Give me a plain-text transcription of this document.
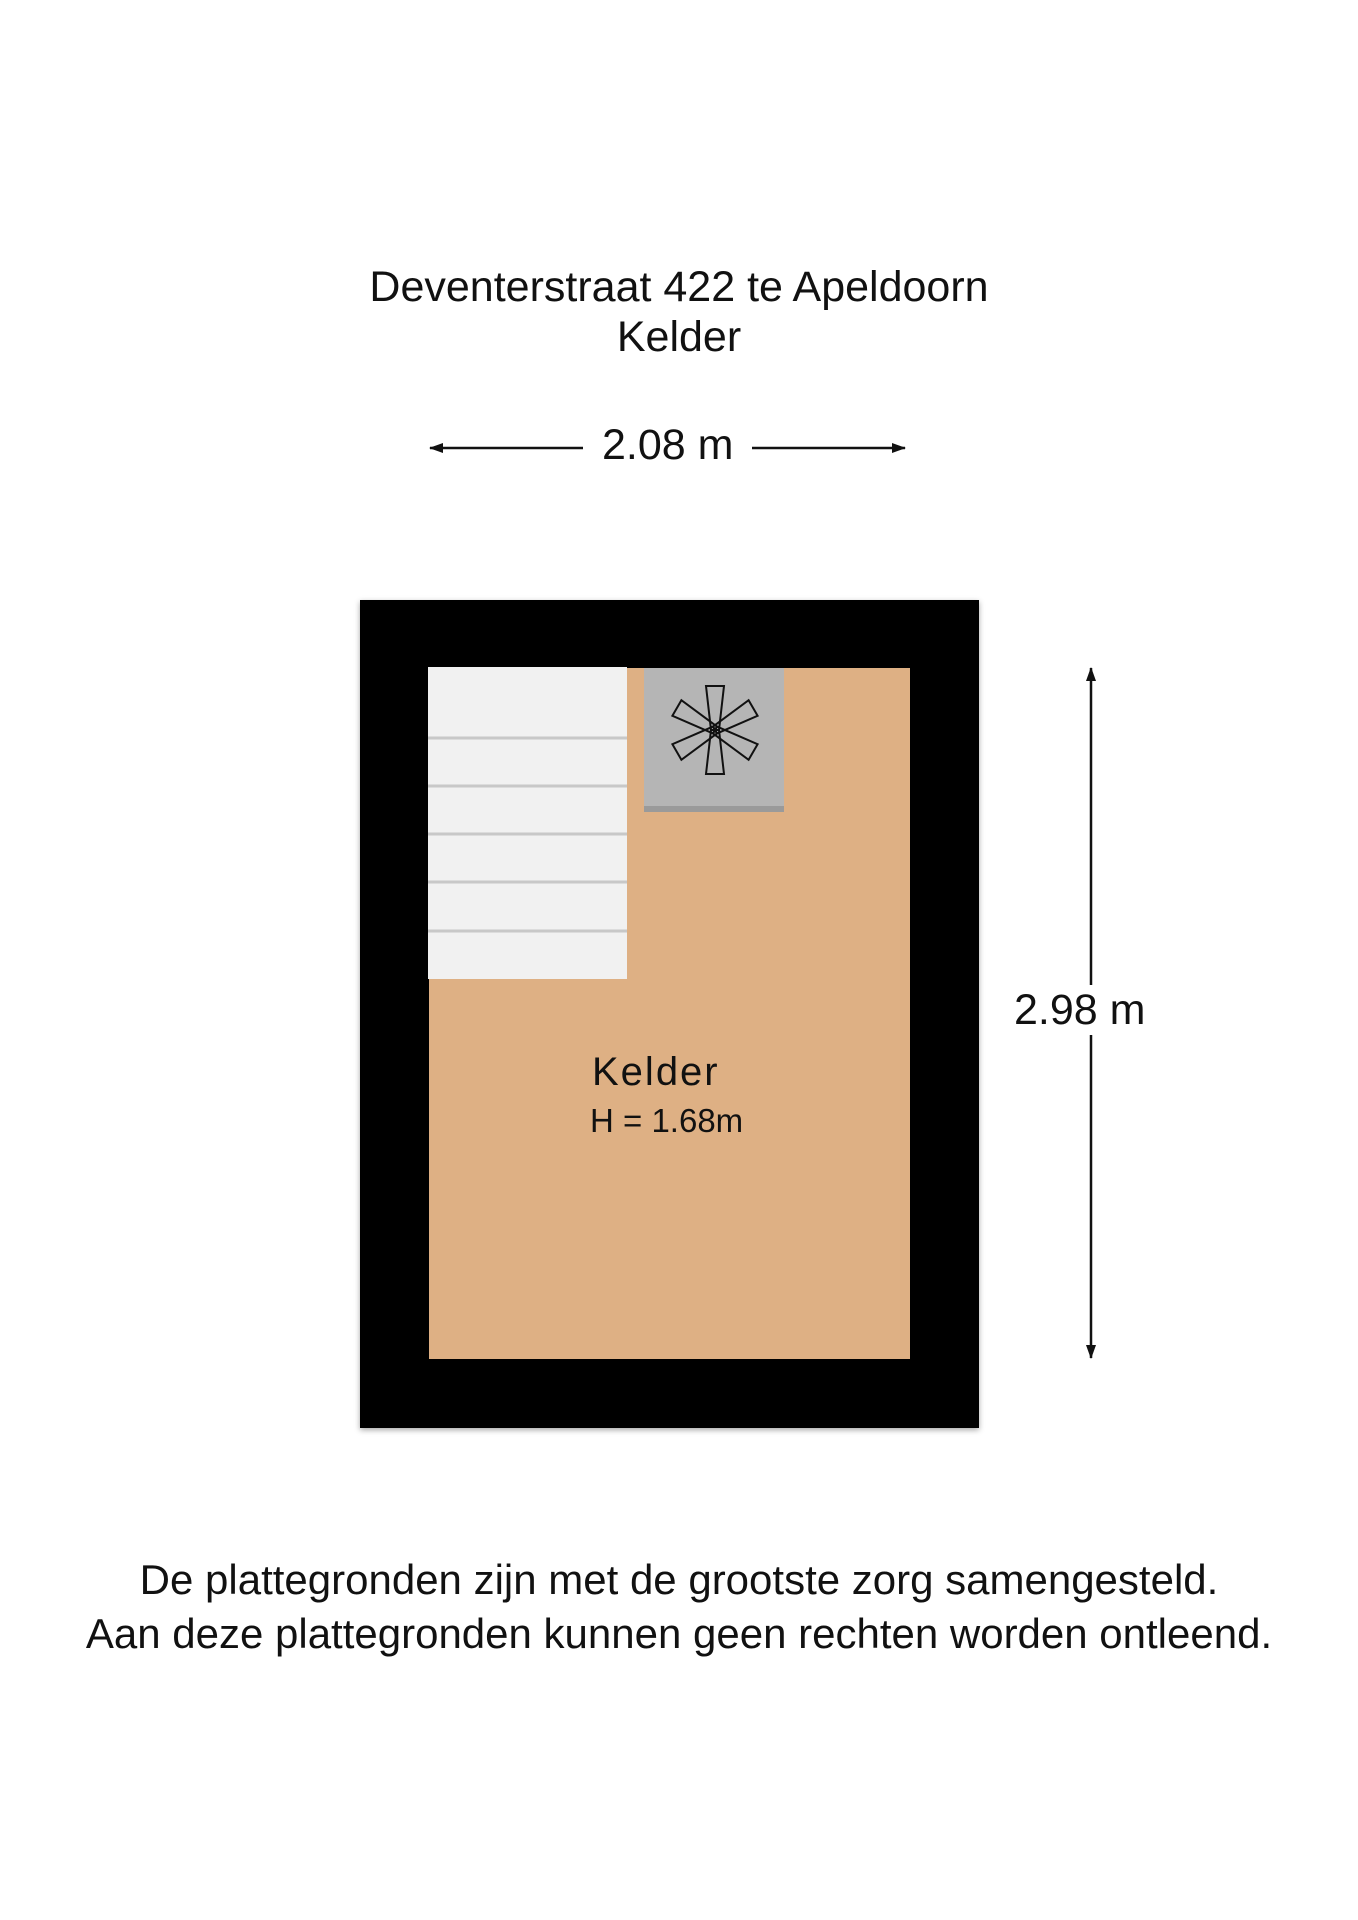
Deventerstraat 422 te Apeldoorn
Kelder
2.08 m
2.98 m
Kelder
H = 1.68m
De plattegronden zijn met de grootste zorg samengesteld.
Aan deze plattegronden kunnen geen rechten worden ontleend.
